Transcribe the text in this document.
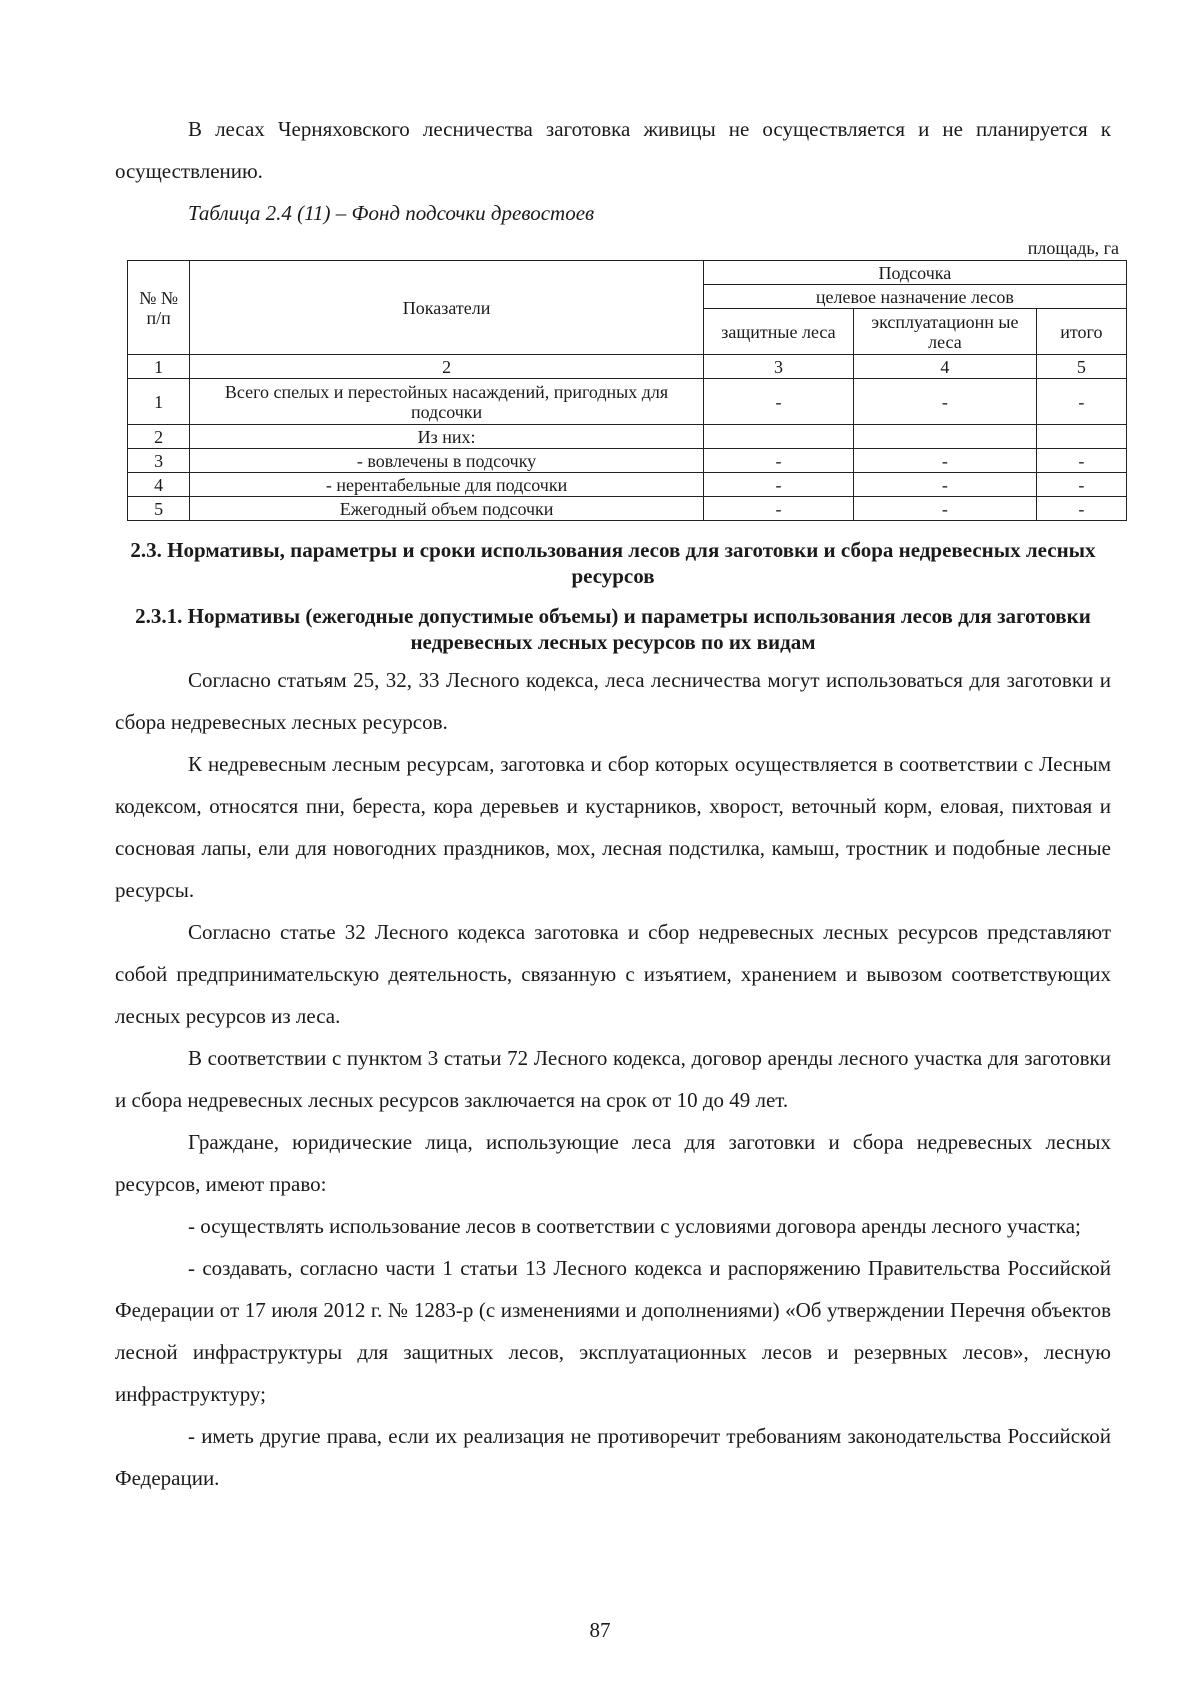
В лесах Черняховского лесничества заготовка живицы не осуществляется и не планируется к осуществлению.

Таблица 2.4 (11) – Фонд подсочки древостоев
площадь, га
№ № п/п	Показатели	Подсочка		
		целевое назначение лесов		
		защитные леса	эксплуатационн ые леса	итого
1	2	3	4	5
1	Всего спелых и перестойных насаждений, пригодных для подсочки	-	-	-
2	Из них:			
3	- вовлечены в подсочку	-	-	-
4	- нерентабельные для подсочки	-	-	-
5	Ежегодный объем подсочки	-	-	-
2.3. Нормативы, параметры и сроки использования лесов для заготовки и сбора недревесных лесных ресурсов
2.3.1. Нормативы (ежегодные допустимые объемы) и параметры использования лесов для заготовки недревесных лесных ресурсов по их видам

Согласно статьям 25, 32, 33 Лесного кодекса, леса лесничества могут использоваться для заготовки и сбора недревесных лесных ресурсов.

К недревесным лесным ресурсам, заготовка и сбор которых осуществляется в соответствии с Лесным кодексом, относятся пни, береста, кора деревьев и кустарников, хворост, веточный корм, еловая, пихтовая и сосновая лапы, ели для новогодних праздников, мох, лесная подстилка, камыш, тростник и подобные лесные ресурсы.

Согласно статье 32 Лесного кодекса заготовка и сбор недревесных лесных ресурсов представляют собой предпринимательскую деятельность, связанную с изъятием, хранением и вывозом соответствующих лесных ресурсов из леса.

В соответствии с пунктом 3 статьи 72 Лесного кодекса, договор аренды лесного участка для заготовки и сбора недревесных лесных ресурсов заключается на срок от 10 до 49 лет.

Граждане, юридические лица, использующие леса для заготовки и сбора недревесных лесных ресурсов, имеют право:

- осуществлять использование лесов в соответствии с условиями договора аренды лесного участка;

- создавать, согласно части 1 статьи 13 Лесного кодекса и распоряжению Правительства Российской Федерации от 17 июля 2012 г. № 1283-р (с изменениями и дополнениями) «Об утверждении Перечня объектов лесной инфраструктуры для защитных лесов, эксплуатационных лесов и резервных лесов», лесную инфраструктуру;

- иметь другие права, если их реализация не противоречит требованиям законодательства Российской Федерации.

87
